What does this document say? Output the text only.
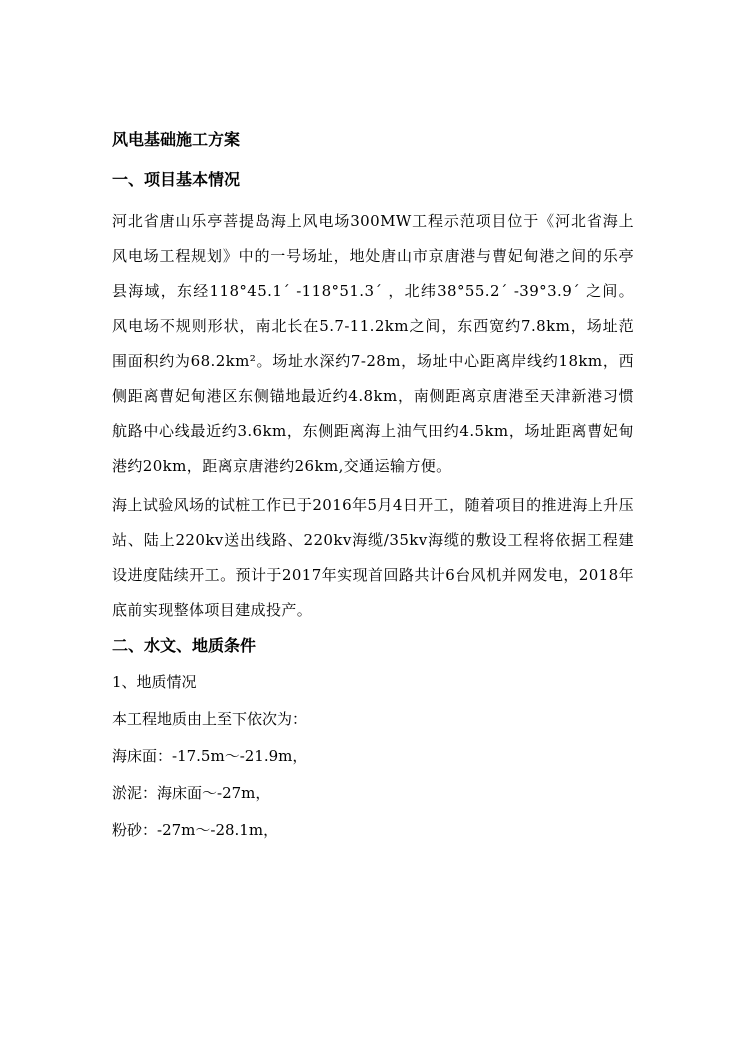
风电基础施工方案
一、项目基本情况

河北省唐山乐亭菩提岛海上风电场300MW工程示范项目位于《河北省海上风电场工程规划》中的一号场址，地处唐山市京唐港与曹妃甸港之间的乐亭县海域，东经118°45.1´ -118°51.3´ ，北纬38°55.2´ -39°3.9´ 之间。风电场不规则形状，南北长在5.7-11.2km之间，东西宽约7.8km，场址范围面积约为68.2km²。场址水深约7-28m，场址中心距离岸线约18km，西侧距离曹妃甸港区东侧锚地最近约4.8km，南侧距离京唐港至天津新港习惯航路中心线最近约3.6km，东侧距离海上油气田约4.5km，场址距离曹妃甸港约20km，距离京唐港约26km,交通运输方便。

海上试验风场的试桩工作已于2016年5月4日开工，随着项目的推进海上升压站、陆上220kv送出线路、220kv海缆/35kv海缆的敷设工程将依据工程建设进度陆续开工。预计于2017年实现首回路共计6台风机并网发电，2018年底前实现整体项目建成投产。

二、水文、地质条件
1、地质情况
本工程地质由上至下依次为：
海床面：-17.5m～-21.9m，
淤泥：海床面～-27m，
粉砂：-27m～-28.1m，
